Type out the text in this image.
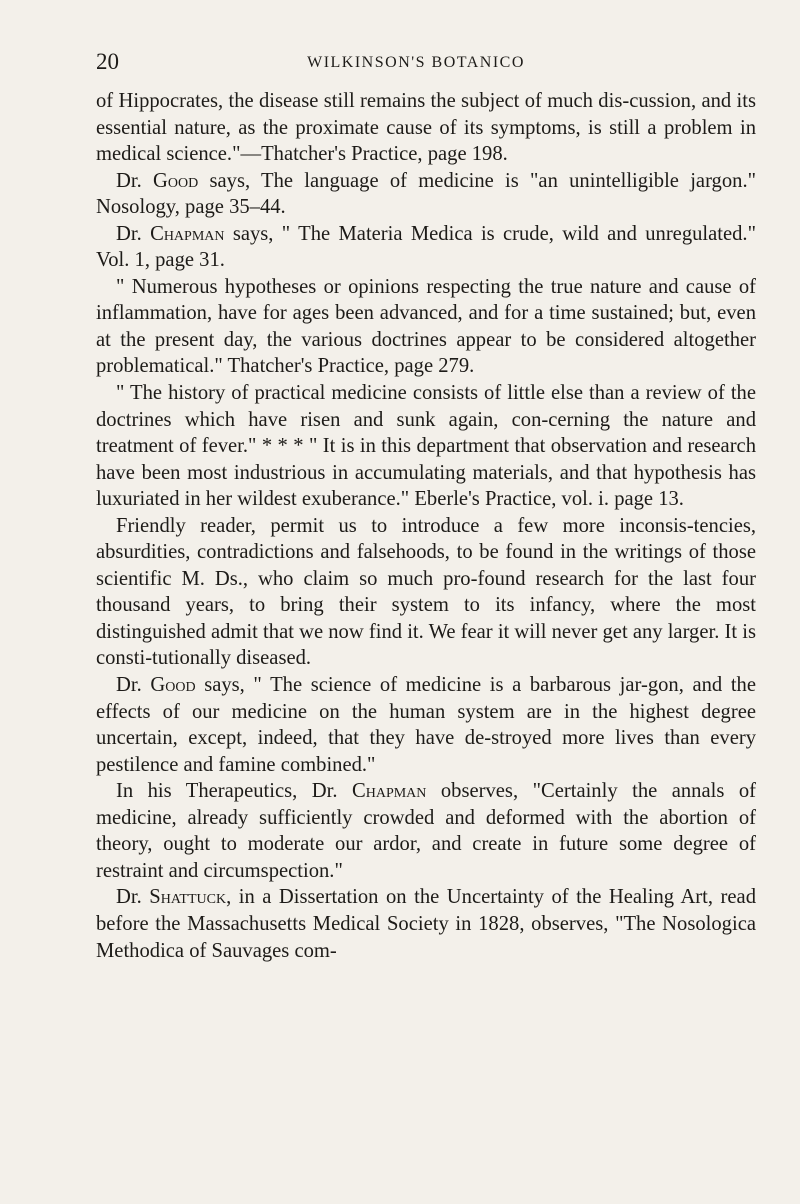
20	WILKINSON'S BOTANICO

of Hippocrates, the disease still remains the subject of much dis-cussion, and its essential nature, as the proximate cause of its symptoms, is still a problem in medical science."—Thatcher's Practice, page 198.

Dr. Good says, The language of medicine is "an unintelligible jargon." Nosology, page 35–44.

Dr. Chapman says, " The Materia Medica is crude, wild and unregulated." Vol. 1, page 31.

" Numerous hypotheses or opinions respecting the true nature and cause of inflammation, have for ages been advanced, and for a time sustained; but, even at the present day, the various doctrines appear to be considered altogether problematical." Thatcher's Practice, page 279.

" The history of practical medicine consists of little else than a review of the doctrines which have risen and sunk again, con-cerning the nature and treatment of fever." * * * " It is in this department that observation and research have been most industrious in accumulating materials, and that hypothesis has luxuriated in her wildest exuberance." Eberle's Practice, vol. i. page 13.

Friendly reader, permit us to introduce a few more inconsis-tencies, absurdities, contradictions and falsehoods, to be found in the writings of those scientific M. Ds., who claim so much pro-found research for the last four thousand years, to bring their system to its infancy, where the most distinguished admit that we now find it. We fear it will never get any larger. It is consti-tutionally diseased.

Dr. Good says, " The science of medicine is a barbarous jar-gon, and the effects of our medicine on the human system are in the highest degree uncertain, except, indeed, that they have de-stroyed more lives than every pestilence and famine combined."

In his Therapeutics, Dr. Chapman observes, "Certainly the annals of medicine, already sufficiently crowded and deformed with the abortion of theory, ought to moderate our ardor, and create in future some degree of restraint and circumspection."

Dr. Shattuck, in a Dissertation on the Uncertainty of the Healing Art, read before the Massachusetts Medical Society in 1828, observes, "The Nosologica Methodica of Sauvages com-
